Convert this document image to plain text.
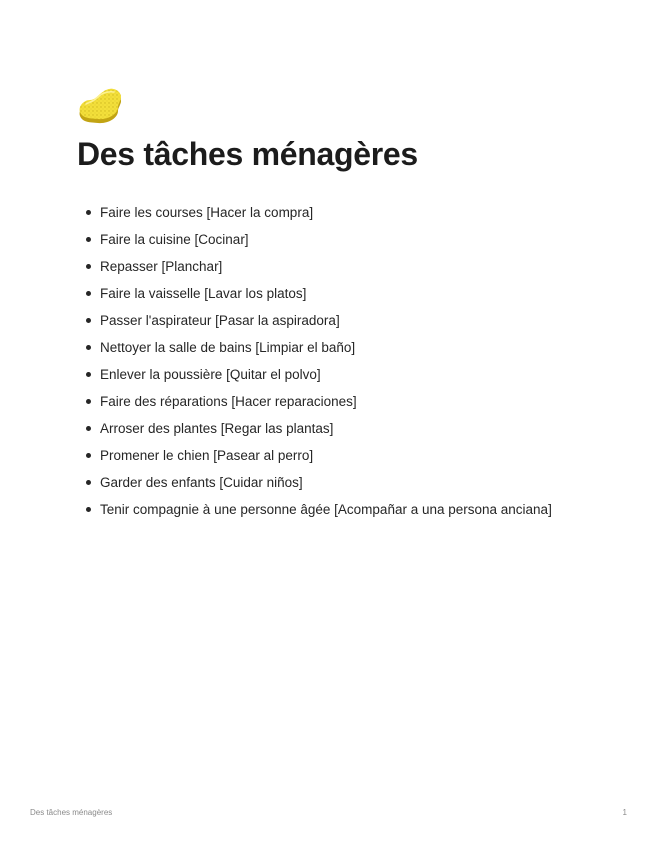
Des tâches ménagères
Faire les courses [Hacer la compra]
Faire la cuisine [Cocinar]
Repasser [Planchar]
Faire la vaisselle [Lavar los platos]
Passer l'aspirateur [Pasar la aspiradora]
Nettoyer la salle de bains [Limpiar el baño]
Enlever la poussière [Quitar el polvo]
Faire des réparations [Hacer reparaciones]
Arroser des plantes [Regar las plantas]
Promener le chien [Pasear al perro]
Garder des enfants [Cuidar niños]
Tenir compagnie à une personne âgée [Acompañar a una persona anciana]
Des tâches ménagères	1
